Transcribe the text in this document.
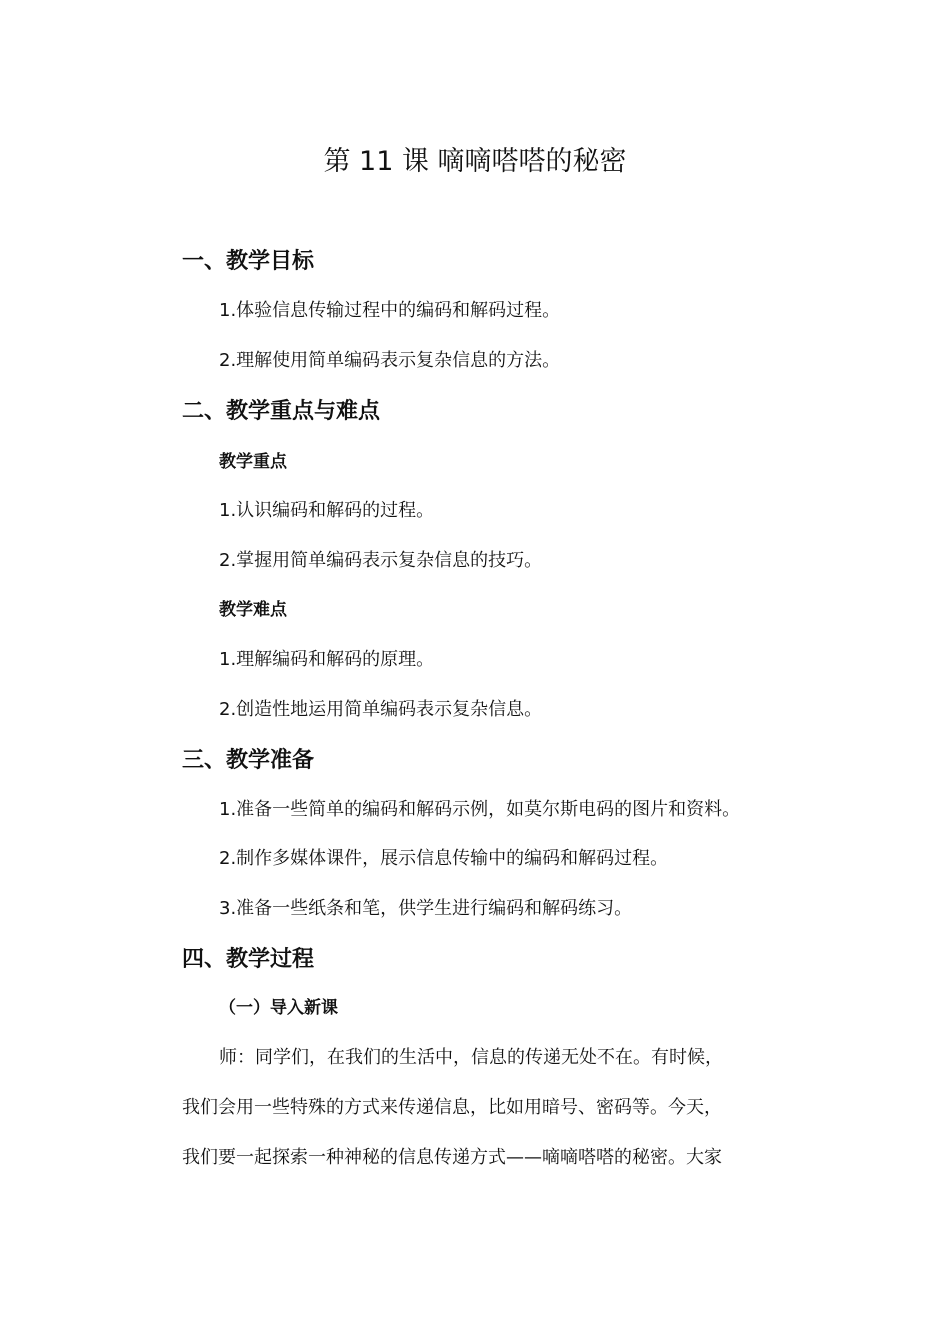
第 11 课 嘀嘀嗒嗒的秘密
一、教学目标
1.体验信息传输过程中的编码和解码过程。
2.理解使用简单编码表示复杂信息的方法。
二、教学重点与难点
教学重点
1.认识编码和解码的过程。
2.掌握用简单编码表示复杂信息的技巧。
教学难点
1.理解编码和解码的原理。
2.创造性地运用简单编码表示复杂信息。
三、教学准备
1.准备一些简单的编码和解码示例，如莫尔斯电码的图片和资料。
2.制作多媒体课件，展示信息传输中的编码和解码过程。
3.准备一些纸条和笔，供学生进行编码和解码练习。
四、教学过程
（一）导入新课
师：同学们，在我们的生活中，信息的传递无处不在。有时候，
我们会用一些特殊的方式来传递信息，比如用暗号、密码等。今天，
我们要一起探索一种神秘的信息传递方式——嘀嘀嗒嗒的秘密。大家
